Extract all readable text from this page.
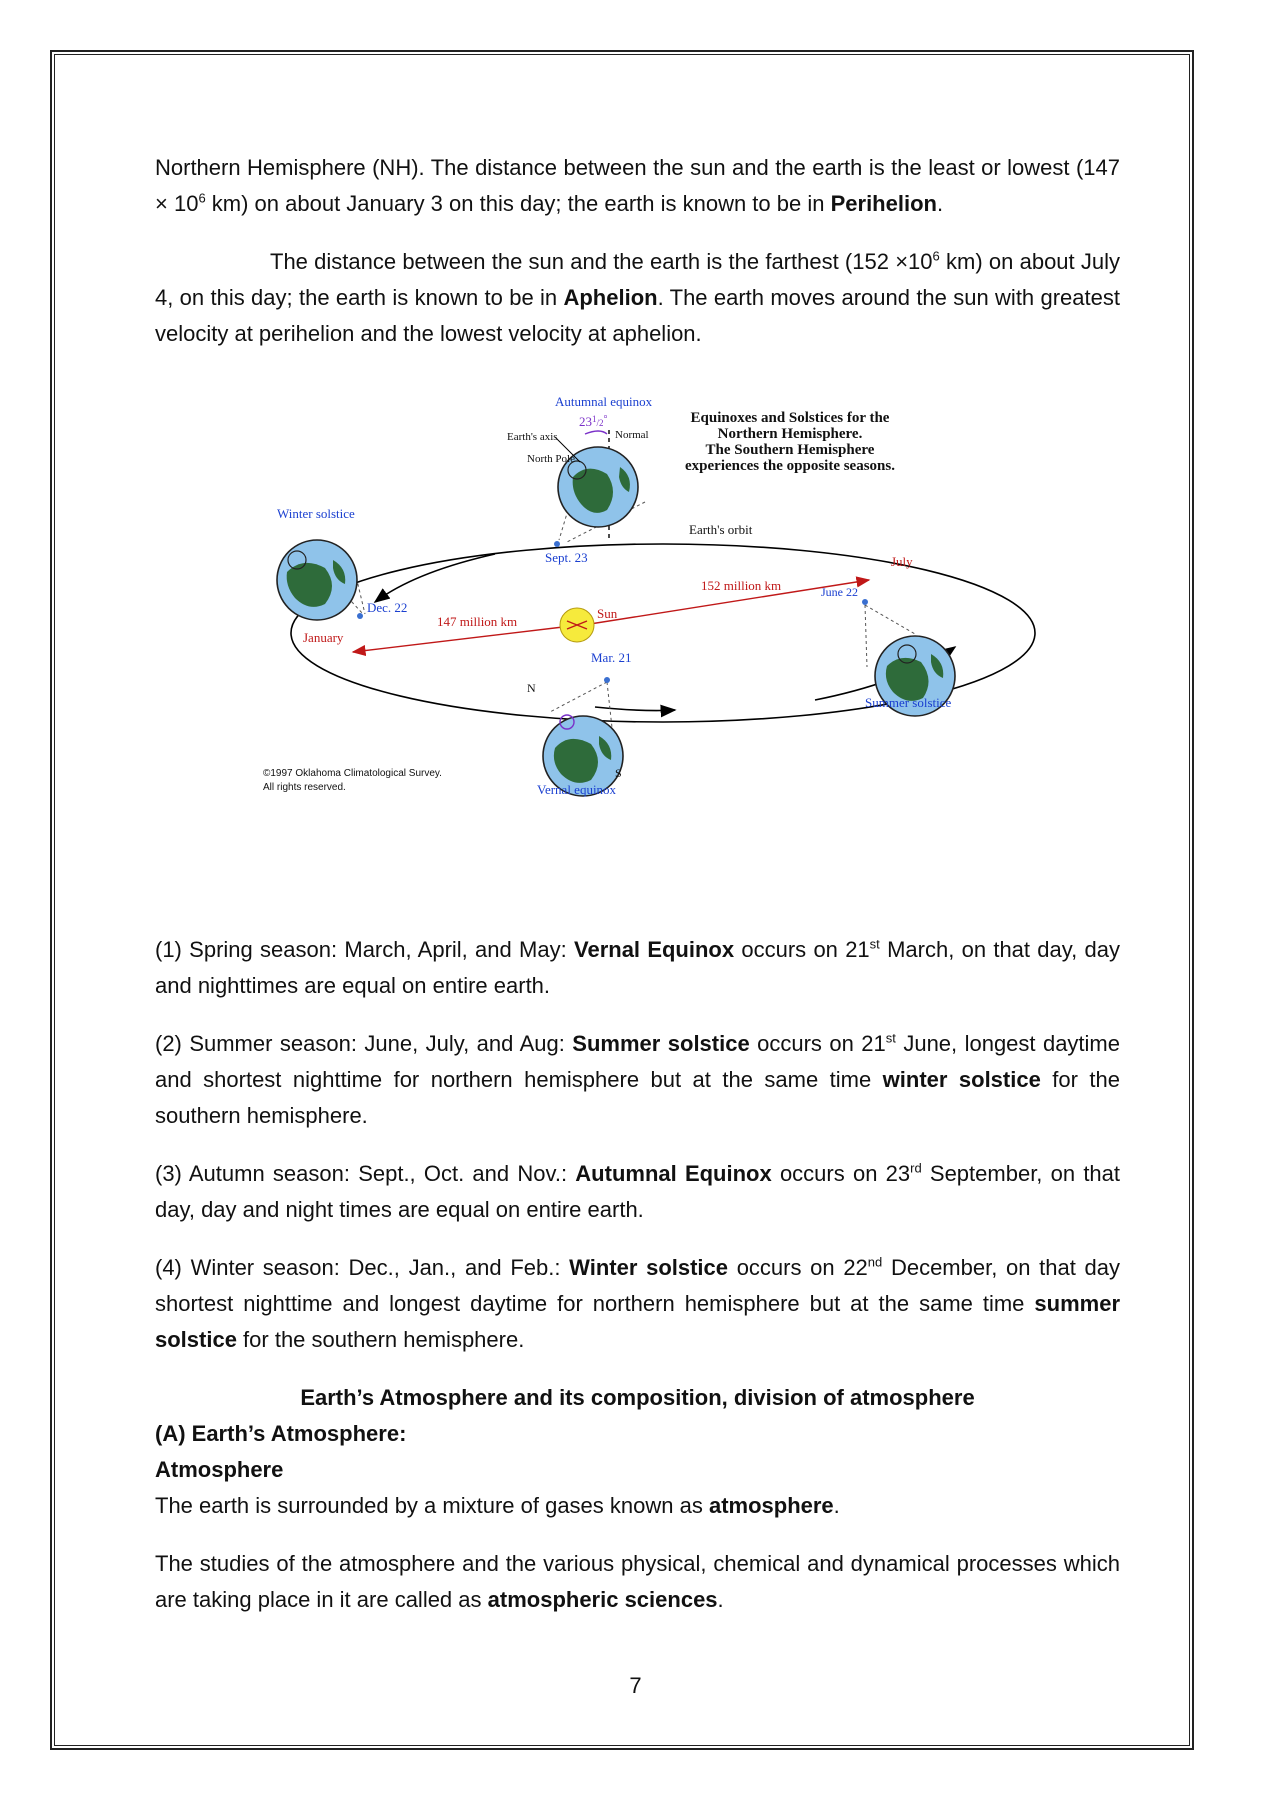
Northern Hemisphere (NH). The distance between the sun and the earth is the least or lowest ($147 \times 10^6$ km) on about January 3 on this day; the earth is known to be in Perihelion.

The distance between the sun and the earth is the farthest ($152 \times 10^6$ km) on about July 4, on this day; the earth is known to be in Aphelion. The earth moves around the sun with greatest velocity at perihelion and the lowest velocity at aphelion.

Autumnal equinox
$23^1_/2^\circ$
Earth's axis	Normal
North Pole
Equinoxes and Solstices for the
Northern Hemisphere.
The Southern Hemisphere
experiences the opposite seasons.
Winter solstice
Sept. 23
Earth's orbit
July
152 million km	June 22
Dec. 22
147 million km
Sun
January
Mar. 21
N
S
Summer solstice
Vernal equinox
©1997 Oklahoma Climatological Survey.
All rights reserved.

(1) Spring season: March, April, and May: Vernal Equinox occurs on 21st March, on that day, day and nighttimes are equal on entire earth.

(2) Summer season: June, July, and Aug: Summer solstice occurs on 21st June, longest daytime and shortest nighttime for northern hemisphere but at the same time winter solstice for the southern hemisphere.

(3) Autumn season: Sept., Oct. and Nov.: Autumnal Equinox occurs on 23rd September, on that day, day and night times are equal on entire earth.

(4) Winter season: Dec., Jan., and Feb.: Winter solstice occurs on 22nd December, on that day shortest nighttime and longest daytime for northern hemisphere but at the same time summer solstice for the southern hemisphere.

Earth’s Atmosphere and its composition, division of atmosphere

(A) Earth’s Atmosphere:

Atmosphere

The earth is surrounded by a mixture of gases known as atmosphere.

The studies of the atmosphere and the various physical, chemical and dynamical processes which are taking place in it are called as atmospheric sciences.

7
